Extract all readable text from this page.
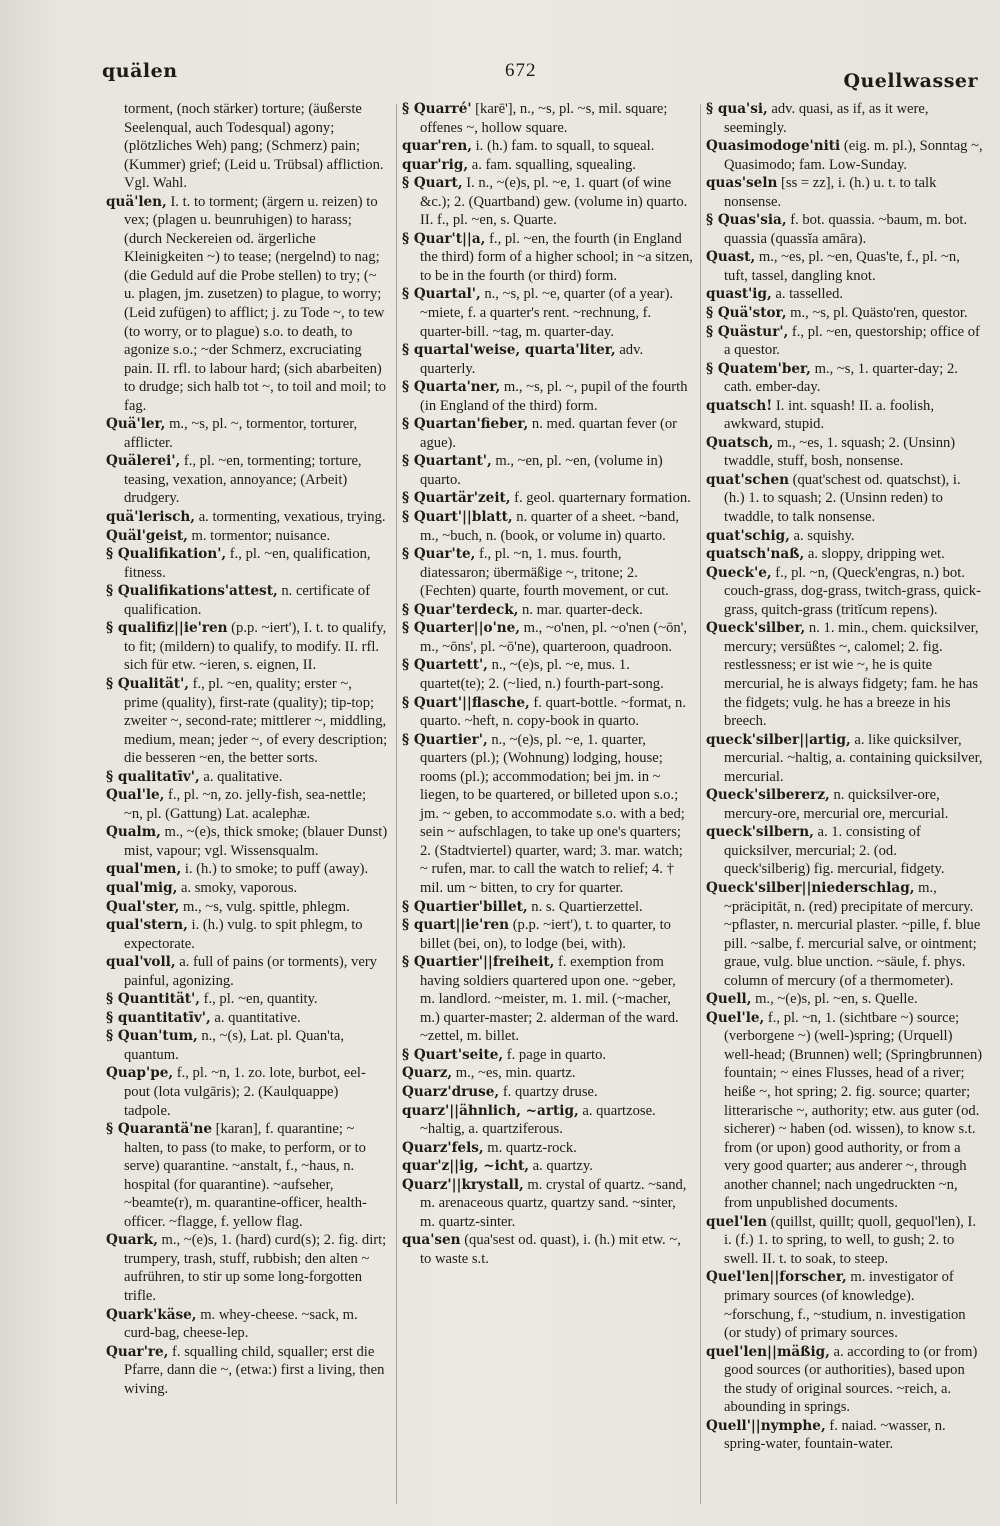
quälen	672	Quellwasser

torment, (noch stärker) torture; (äußerste Seelenqual, auch Todesqual) agony; (plötzliches Weh) pang; (Schmerz) pain; (Kummer) grief; (Leid u. Trübsal) affliction. Vgl. Wahl.

quä'len, I. t. to torment; (ärgern u. reizen) to vex; (plagen u. beunruhigen) to harass; (durch Neckereien od. ärgerliche Kleinigkeiten ~) to tease; (nergelnd) to nag; (die Geduld auf die Probe stellen) to try; (~ u. plagen, jm. zusetzen) to plague, to worry; (Leid zufügen) to afflict; j. zu Tode ~, to tew (to worry, or to plague) s.o. to death, to agonize s.o.; ~der Schmerz, excruciating pain. II. rfl. to labour hard; (sich abarbeiten) to drudge; sich halb tot ~, to toil and moil; to fag.

Quä'ler, m., ~s, pl. ~, tormentor, torturer, afflicter.

Quälerei', f., pl. ~en, tormenting; torture, teasing, vexation, annoyance; (Arbeit) drudgery.

quä'lerisch, a. tormenting, vexatious, trying.

Quäl'geist, m. tormentor; nuisance.

§ Qualifikation', f., pl. ~en, qualification, fitness.

§ Qualifikations'attest, n. certificate of qualification.

§ qualifiz||ie'ren (p.p. ~iert'), I. t. to qualify, to fit; (mildern) to qualify, to modify. II. rfl. sich für etw. ~ieren, s. eignen, II.

§ Qualität', f., pl. ~en, quality; erster ~, prime (quality), first-rate (quality); tip-top; zweiter ~, second-rate; mittlerer ~, middling, medium, mean; jeder ~, of every description; die besseren ~en, the better sorts.

§ qualitatīv', a. qualitative.

Qual'le, f., pl. ~n, zo. jelly-fish, sea-nettle; ~n, pl. (Gattung) Lat. acalephæ.

Qualm, m., ~(e)s, thick smoke; (blauer Dunst) mist, vapour; vgl. Wissensqualm.

qual'men, i. (h.) to smoke; to puff (away).

qual'mig, a. smoky, vaporous.

Qual'ster, m., ~s, vulg. spittle, phlegm.

qual'stern, i. (h.) vulg. to spit phlegm, to expectorate.

qual'voll, a. full of pains (or torments), very painful, agonizing.

§ Quantität', f., pl. ~en, quantity.

§ quantitatīv', a. quantitative.

§ Quan'tum, n., ~(s), Lat. pl. Quan'ta, quantum.

Quap'pe, f., pl. ~n, 1. zo. lote, burbot, eel-pout (lota vulgāris); 2. (Kaulquappe) tadpole.

§ Quarantä'ne [karan], f. quarantine; ~ halten, to pass (to make, to perform, or to serve) quarantine. ~anstalt, f., ~haus, n. hospital (for quarantine). ~aufseher, ~beamte(r), m. quarantine-officer, health-officer. ~flagge, f. yellow flag.

Quark, m., ~(e)s, 1. (hard) curd(s); 2. fig. dirt; trumpery, trash, stuff, rubbish; den alten ~ aufrühren, to stir up some long-forgotten trifle.

Quark'käse, m. whey-cheese. ~sack, m. curd-bag, cheese-lep.

Quar're, f. squalling child, squaller; erst die Pfarre, dann die ~, (etwa:) first a living, then wiving.

§ Quarré' [karē'], n., ~s, pl. ~s, mil. square; offenes ~, hollow square.

quar'ren, i. (h.) fam. to squall, to squeal.

quar'rig, a. fam. squalling, squealing.

§ Quart, I. n., ~(e)s, pl. ~e, 1. quart (of wine &c.); 2. (Quartband) gew. (volume in) quarto. II. f., pl. ~en, s. Quarte.

§ Quar't||a, f., pl. ~en, the fourth (in England the third) form of a higher school; in ~a sitzen, to be in the fourth (or third) form.

§ Quartal', n., ~s, pl. ~e, quarter (of a year). ~miete, f. a quarter's rent. ~rechnung, f. quarter-bill. ~tag, m. quarter-day.

§ quartal'weise, quarta'liter, adv. quarterly.

§ Quarta'ner, m., ~s, pl. ~, pupil of the fourth (in England of the third) form.

§ Quartan'fieber, n. med. quartan fever (or ague).

§ Quartant', m., ~en, pl. ~en, (volume in) quarto.

§ Quartär'zeit, f. geol. quarternary formation.

§ Quart'||blatt, n. quarter of a sheet. ~band, m., ~buch, n. (book, or volume in) quarto.

§ Quar'te, f., pl. ~n, 1. mus. fourth, diatessaron; übermäßige ~, tritone; 2. (Fechten) quarte, fourth movement, or cut.

§ Quar'terdeck, n. mar. quarter-deck.

§ Quarter||o'ne, m., ~o'nen, pl. ~o'nen (~ōn', m., ~ōns', pl. ~ō'ne), quarteroon, quadroon.

§ Quartett', n., ~(e)s, pl. ~e, mus. 1. quartet(te); 2. (~lied, n.) fourth-part-song.

§ Quart'||flasche, f. quart-bottle. ~format, n. quarto. ~heft, n. copy-book in quarto.

§ Quartier', n., ~(e)s, pl. ~e, 1. quarter, quarters (pl.); (Wohnung) lodging, house; rooms (pl.); accommodation; bei jm. in ~ liegen, to be quartered, or billeted upon s.o.; jm. ~ geben, to accommodate s.o. with a bed; sein ~ aufschlagen, to take up one's quarters; 2. (Stadtviertel) quarter, ward; 3. mar. watch; ~ rufen, mar. to call the watch to relief; 4. † mil. um ~ bitten, to cry for quarter.

§ Quartier'billet, n. s. Quartierzettel.

§ quart||ie'ren (p.p. ~iert'), t. to quarter, to billet (bei, on), to lodge (bei, with).

§ Quartier'||freiheit, f. exemption from having soldiers quartered upon one. ~geber, m. landlord. ~meister, m. 1. mil. (~macher, m.) quarter-master; 2. alderman of the ward. ~zettel, m. billet.

§ Quart'seite, f. page in quarto.

Quarz, m., ~es, min. quartz.

Quarz'druse, f. quartzy druse.

quarz'||ähnlich, ~artig, a. quartzose. ~haltig, a. quartziferous.

Quarz'fels, m. quartz-rock.

quar'z||ig, ~icht, a. quartzy.

Quarz'||krystall, m. crystal of quartz. ~sand, m. arenaceous quartz, quartzy sand. ~sinter, m. quartz-sinter.

qua'sen (qua'sest od. quast), i. (h.) mit etw. ~, to waste s.t.

§ qua'si, adv. quasi, as if, as it were, seemingly.

Quasimodoge'niti (eig. m. pl.), Sonntag ~, Quasimodo; fam. Low-Sunday.

quas'seln [ss = zz], i. (h.) u. t. to talk nonsense.

§ Quas'sia, f. bot. quassia. ~baum, m. bot. quassia (quassĭa amāra).

Quast, m., ~es, pl. ~en, Quas'te, f., pl. ~n, tuft, tassel, dangling knot.

quast'ig, a. tasselled.

§ Quä'stor, m., ~s, pl. Quästo'ren, questor.

§ Quästur', f., pl. ~en, questorship; office of a questor.

§ Quatem'ber, m., ~s, 1. quarter-day; 2. cath. ember-day.

quatsch! I. int. squash! II. a. foolish, awkward, stupid.

Quatsch, m., ~es, 1. squash; 2. (Unsinn) twaddle, stuff, bosh, nonsense.

quat'schen (quat'schest od. quatschst), i. (h.) 1. to squash; 2. (Unsinn reden) to twaddle, to talk nonsense.

quat'schig, a. squishy.

quatsch'naß, a. sloppy, dripping wet.

Queck'e, f., pl. ~n, (Queck'engras, n.) bot. couch-grass, dog-grass, twitch-grass, quick-grass, quitch-grass (tritĭcum repens).

Queck'silber, n. 1. min., chem. quicksilver, mercury; versüßtes ~, calomel; 2. fig. restlessness; er ist wie ~, he is quite mercurial, he is always fidgety; fam. he has the fidgets; vulg. he has a breeze in his breech.

queck'silber||artig, a. like quicksilver, mercurial. ~haltig, a. containing quicksilver, mercurial.

Queck'silbererz, n. quicksilver-ore, mercury-ore, mercurial ore, mercurial.

queck'silbern, a. 1. consisting of quicksilver, mercurial; 2. (od. queck'silberig) fig. mercurial, fidgety.

Queck'silber||niederschlag, m., ~präcipitāt, n. (red) precipitate of mercury. ~pflaster, n. mercurial plaster. ~pille, f. blue pill. ~salbe, f. mercurial salve, or ointment; graue, vulg. blue unction. ~säule, f. phys. column of mercury (of a thermometer).

Quell, m., ~(e)s, pl. ~en, s. Quelle.

Quel'le, f., pl. ~n, 1. (sichtbare ~) source; (verborgene ~) (well-)spring; (Urquell) well-head; (Brunnen) well; (Springbrunnen) fountain; ~ eines Flusses, head of a river; heiße ~, hot spring; 2. fig. source; quarter; litterarische ~, authority; etw. aus guter (od. sicherer) ~ haben (od. wissen), to know s.t. from (or upon) good authority, or from a very good quarter; aus anderer ~, through another channel; nach ungedruckten ~n, from unpublished documents.

quel'len (quillst, quillt; quoll, gequol'len), I. i. (f.) 1. to spring, to well, to gush; 2. to swell. II. t. to soak, to steep.

Quel'len||forscher, m. investigator of primary sources (of knowledge). ~forschung, f., ~studium, n. investigation (or study) of primary sources.

quel'len||mäßig, a. according to (or from) good sources (or authorities), based upon the study of original sources. ~reich, a. abounding in springs.

Quell'||nymphe, f. naiad. ~wasser, n. spring-water, fountain-water.
